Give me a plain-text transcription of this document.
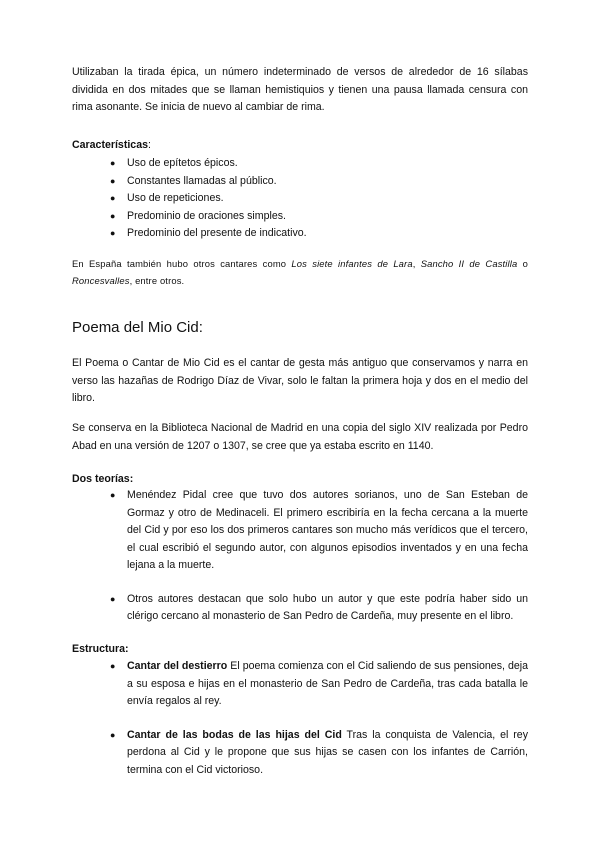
Utilizaban la tirada épica, un número indeterminado de versos de alrededor de 16 sílabas dividida en dos mitades que se llaman hemistiquios y tienen una pausa llamada censura con rima asonante. Se inicia de nuevo al cambiar de rima.

Características:
● Uso de epítetos épicos.
● Constantes llamadas al público.
● Uso de repeticiones.
● Predominio de oraciones simples.
● Predominio del presente de indicativo.

En España también hubo otros cantares como Los siete infantes de Lara, Sancho II de Castilla o Roncesvalles, entre otros.

Poema del Mio Cid:

El Poema o Cantar de Mio Cid es el cantar de gesta más antiguo que conservamos y narra en verso las hazañas de Rodrigo Díaz de Vivar, solo le faltan la primera hoja y dos en el medio del libro.

Se conserva en la Biblioteca Nacional de Madrid en una copia del siglo XIV realizada por Pedro Abad en una versión de 1207 o 1307, se cree que ya estaba escrito en 1140.

Dos teorías:
● Menéndez Pidal cree que tuvo dos autores sorianos, uno de San Esteban de Gormaz y otro de Medinaceli. El primero escribiría en la fecha cercana a la muerte del Cid y por eso los dos primeros cantares son mucho más verídicos que el tercero, el cual escribió el segundo autor, con algunos episodios inventados y en una fecha lejana a la muerte.
● Otros autores destacan que solo hubo un autor y que este podría haber sido un clérigo cercano al monasterio de San Pedro de Cardeña, muy presente en el libro.
Estructura:
● Cantar del destierro El poema comienza con el Cid saliendo de sus pensiones, deja a su esposa e hijas en el monasterio de San Pedro de Cardeña, tras cada batalla le envía regalos al rey.
● Cantar de las bodas de las hijas del Cid Tras la conquista de Valencia, el rey perdona al Cid y le propone que sus hijas se casen con los infantes de Carrión, termina con el Cid victorioso.
